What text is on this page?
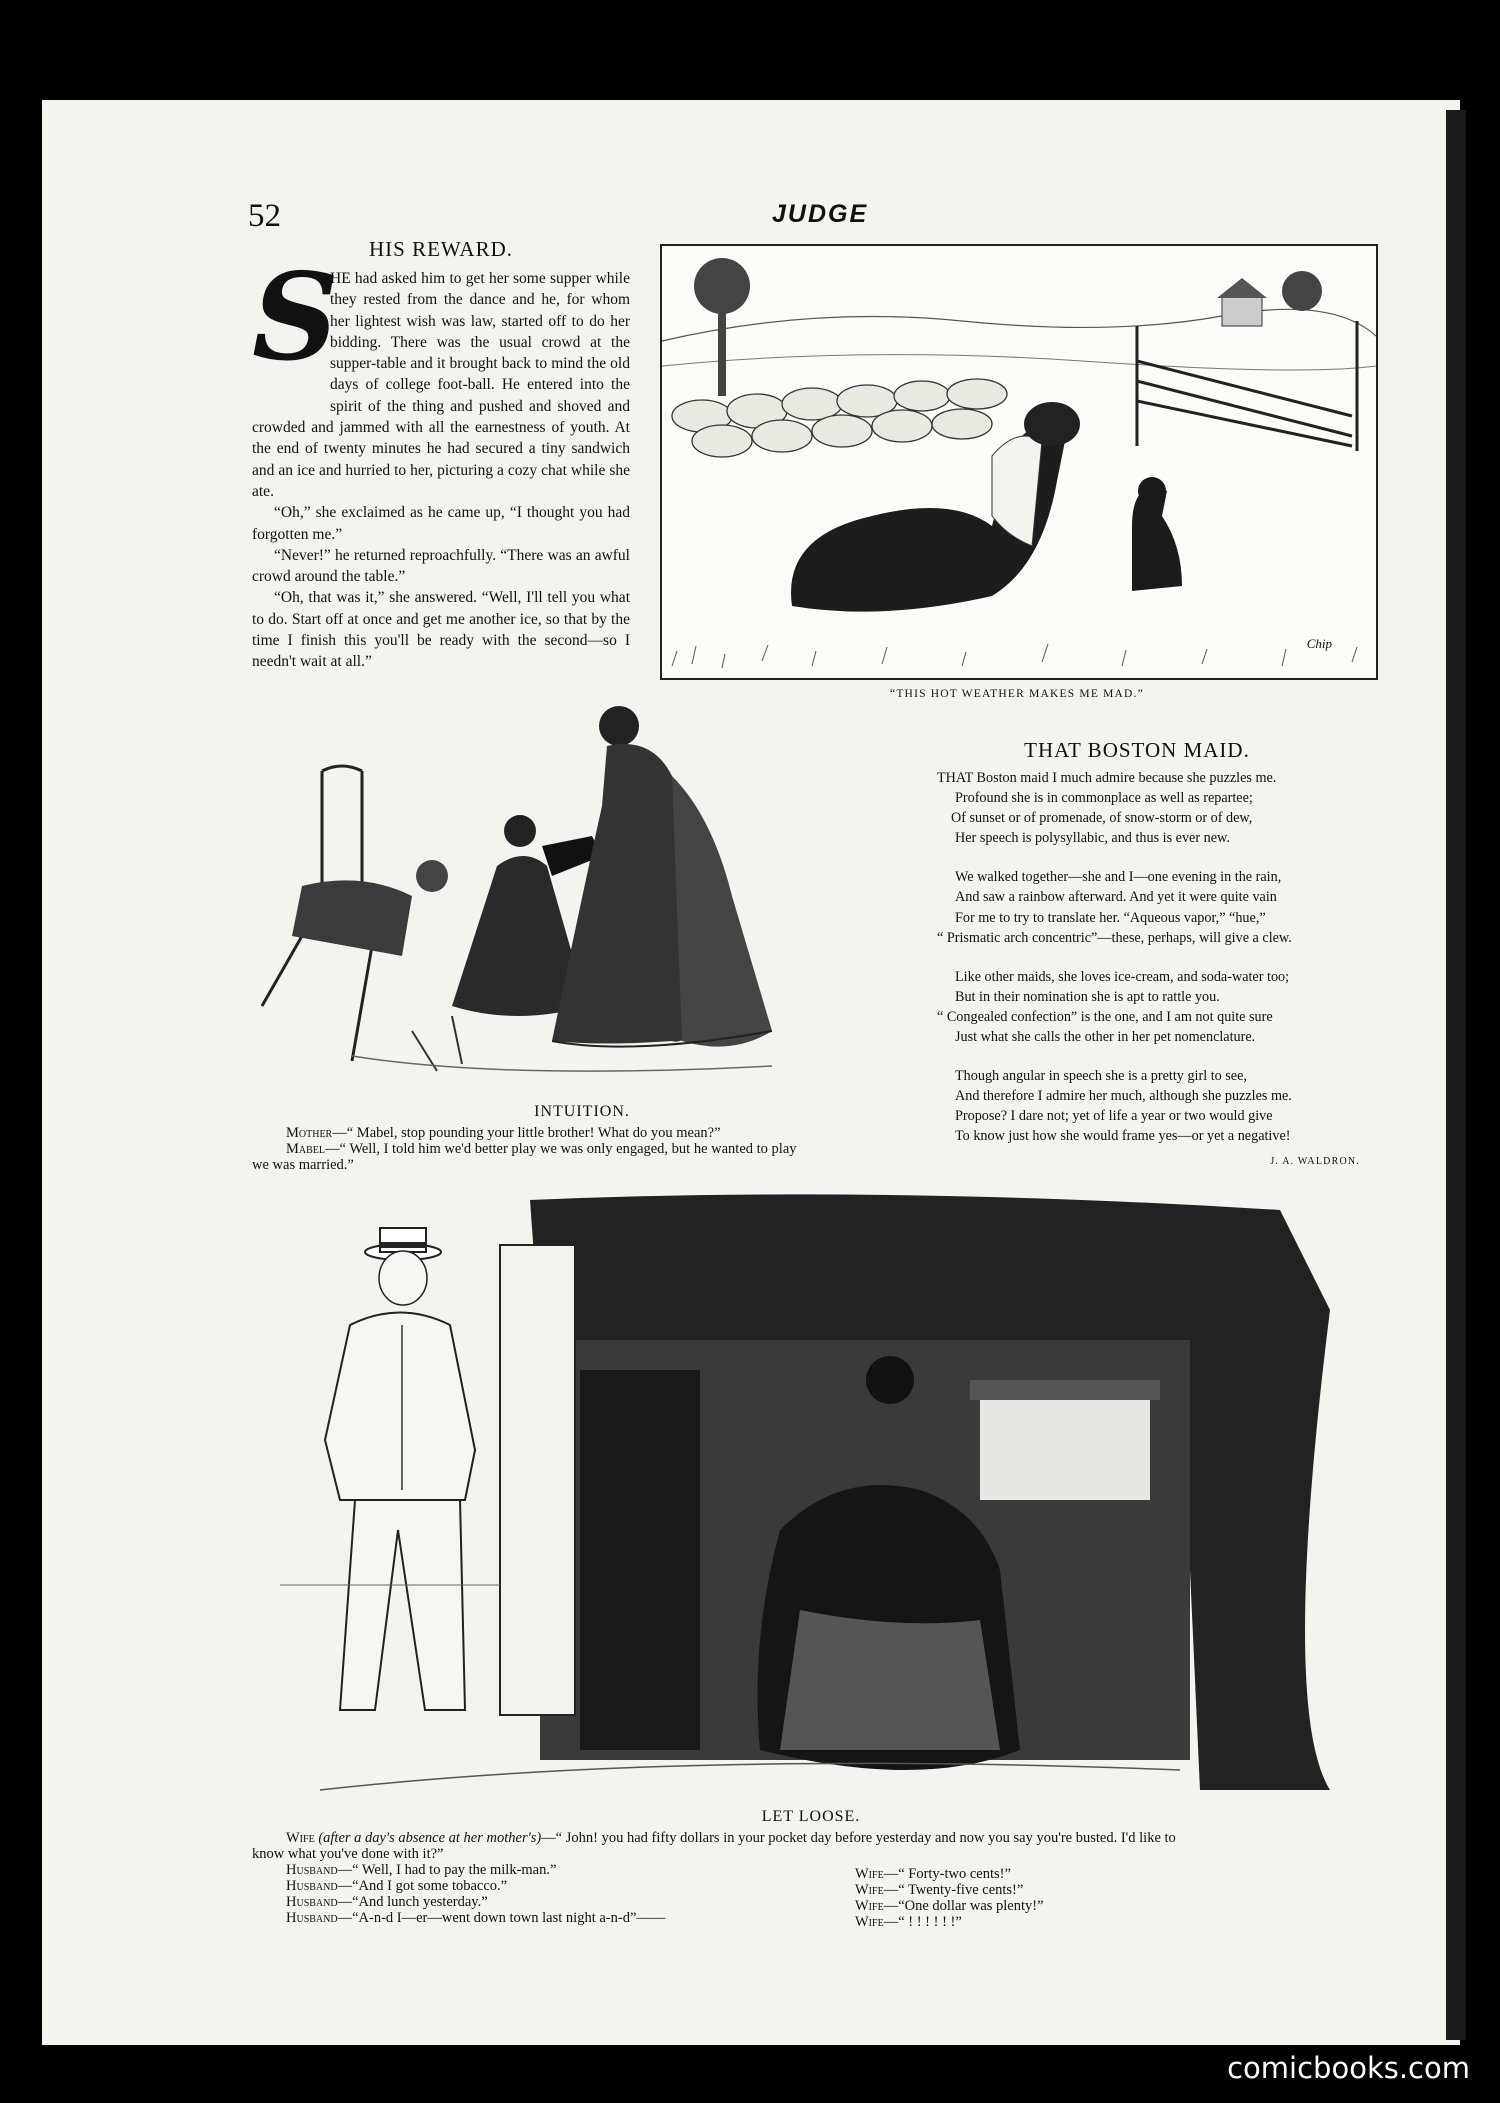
52	JUDGE
HIS REWARD.
S

HE had asked him to get her some supper while they rested from the dance and he, for whom her lightest wish was law, started off to do her bidding. There was the usual crowd at the supper-table and it brought back to mind the old days of college foot-ball. He entered into the spirit of the thing and pushed and shoved and crowded and jammed with all the earnestness of youth. At the end of twenty minutes he had secured a tiny sandwich and an ice and hurried to her, picturing a cozy chat while she ate.

“Oh,” she exclaimed as he came up, “I thought you had forgotten me.”

“Never!” he returned reproachfully. “There was an awful crowd around the table.”

“Oh, that was it,” she answered. “Well, I'll tell you what to do. Start off at once and get me another ice, so that by the time I finish this you'll be ready with the second—so I needn't wait at all.”

Chip
“THIS HOT WEATHER MAKES ME MAD.”
INTUITION.
Mother—“ Mabel, stop pounding your little brother! What do you mean?”
Mabel—“ Well, I told him we'd better play we was only engaged, but he wanted to play
we was married.”
THAT BOSTON MAID.
THAT Boston maid I much admire because she puzzles me.
Profound she is in commonplace as well as repartee;
Of sunset or of promenade, of snow-storm or of dew,
Her speech is polysyllabic, and thus is ever new.
We walked together—she and I—one evening in the rain,
And saw a rainbow afterward. And yet it were quite vain
For me to try to translate her. “Aqueous vapor,” “hue,”
“ Prismatic arch concentric”—these, perhaps, will give a clew.
Like other maids, she loves ice-cream, and soda-water too;
But in their nomination she is apt to rattle you.
“ Congealed confection” is the one, and I am not quite sure
Just what she calls the other in her pet nomenclature.
Though angular in speech she is a pretty girl to see,
And therefore I admire her much, although she puzzles me.
Propose? I dare not; yet of life a year or two would give
To know just how she would frame yes—or yet a negative!
J. A. WALDRON.
LET LOOSE.
Wife (after a day's absence at her mother's)—“ John! you had fifty dollars in your pocket day before yesterday and now you say you're busted. I'd like to
know what you've done with it?”
Husband—“ Well, I had to pay the milk-man.”
Husband—“And I got some tobacco.”
Husband—“And lunch yesterday.”
Husband—“A-n-d I—er—went down town last night a-n-d”——
Wife—“ Forty-two cents!”
Wife—“ Twenty-five cents!”
Wife—“One dollar was plenty!”
Wife—“ ! ! ! ! ! !”
comicbooks.com
